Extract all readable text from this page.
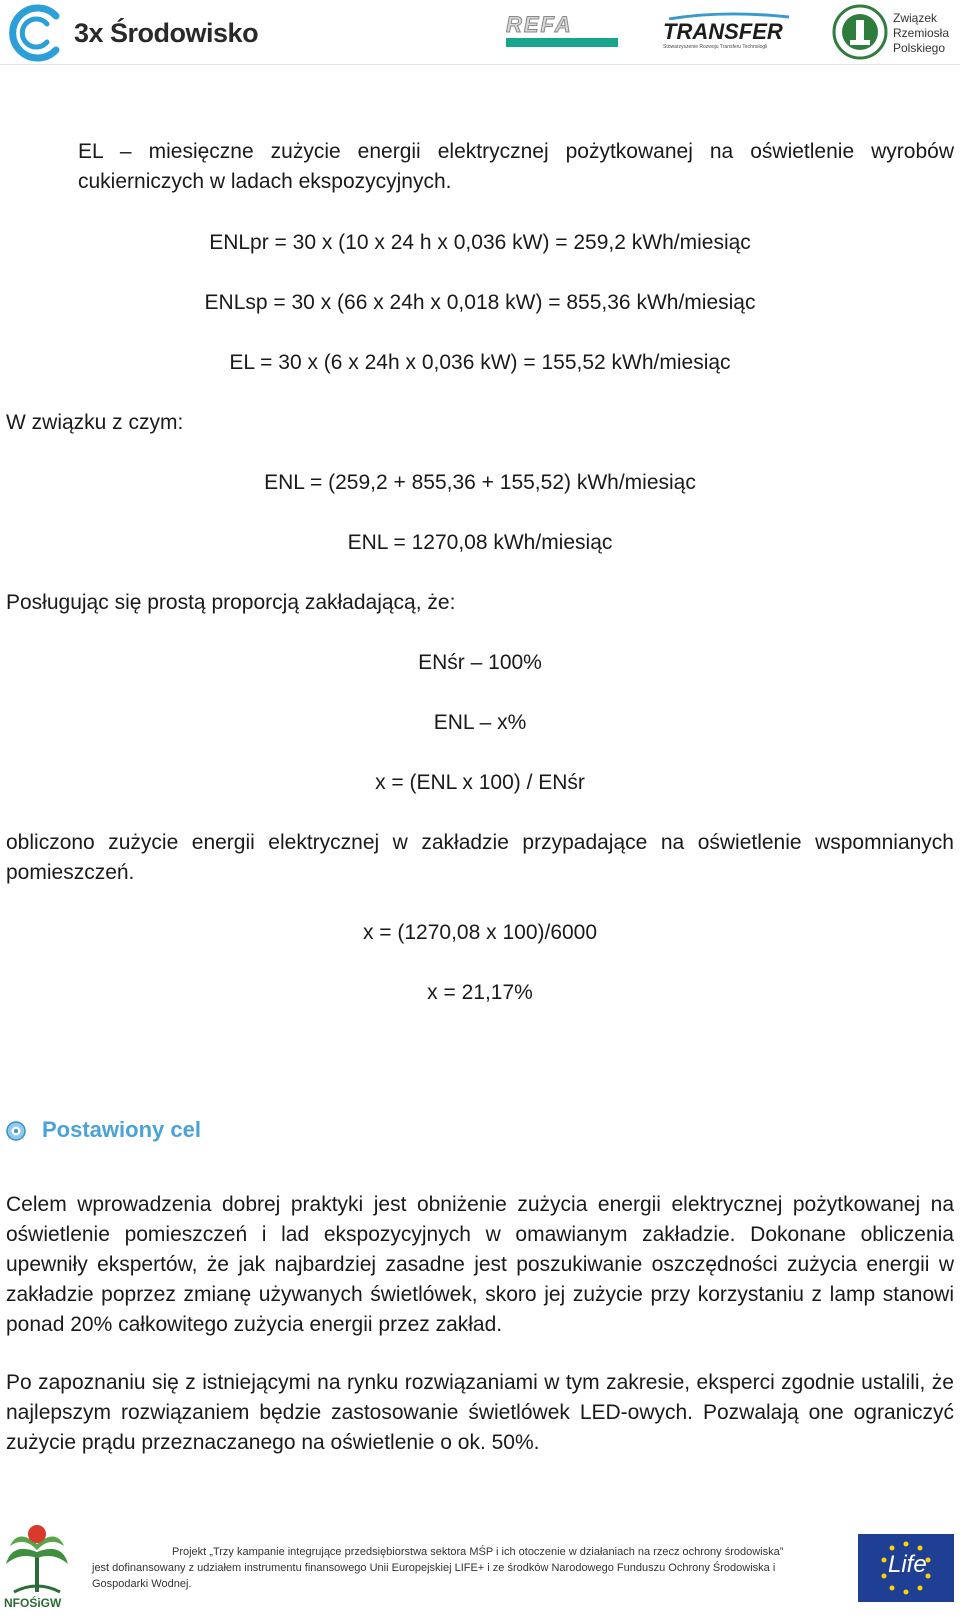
3x Środowisko	REFA	TRANSFER
Stowarzyszenie Rozwoju Transferu Technologii
Związek
Rzemiosła
Polskiego

EL – miesięczne zużycie energii elektrycznej pożytkowanej na oświetlenie wyrobów cukierniczych w ladach ekspozycyjnych.

ENLpr = 30 x (10 x 24 h x 0,036 kW) = 259,2 kWh/miesiąc

ENLsp = 30 x (66 x 24h x 0,018 kW) = 855,36 kWh/miesiąc

EL = 30 x (6 x 24h x 0,036 kW) = 155,52 kWh/miesiąc

W związku z czym:

ENL = (259,2 + 855,36 + 155,52) kWh/miesiąc

ENL = 1270,08 kWh/miesiąc

Posługując się prostą proporcją zakładającą, że:

ENśr – 100%

ENL – x%

x = (ENL x 100) / ENśr

obliczono zużycie energii elektrycznej w zakładzie przypadające na oświetlenie wspomnianych pomieszczeń.

x = (1270,08 x 100)/6000

x = 21,17%

Postawiony cel

Celem wprowadzenia dobrej praktyki jest obniżenie zużycia energii elektrycznej pożytkowanej na oświetlenie pomieszczeń i lad ekspozycyjnych w omawianym zakładzie. Dokonane obliczenia upewniły ekspertów, że jak najbardziej zasadne jest poszukiwanie oszczędności zużycia energii w zakładzie poprzez zmianę używanych świetlówek, skoro jej zużycie przy korzystaniu z lamp stanowi ponad 20% całkowitego zużycia energii przez zakład.

Po zapoznaniu się z istniejącymi na rynku rozwiązaniami w tym zakresie, eksperci zgodnie ustalili, że najlepszym rozwiązaniem będzie zastosowanie świetlówek LED-owych. Pozwalają one ograniczyć zużycie prądu przeznaczanego na oświetlenie o ok. 50%.

NFOŚiGW
Projekt „Trzy kampanie integrujące przedsiębiorstwa sektora MŚP i ich otoczenie w działaniach na rzecz ochrony środowiska”
jest dofinansowany z udziałem instrumentu finansowego Unii Europejskiej LIFE+ i ze środków Narodowego Funduszu Ochrony Środowiska i Gospodarki Wodnej.
Life
